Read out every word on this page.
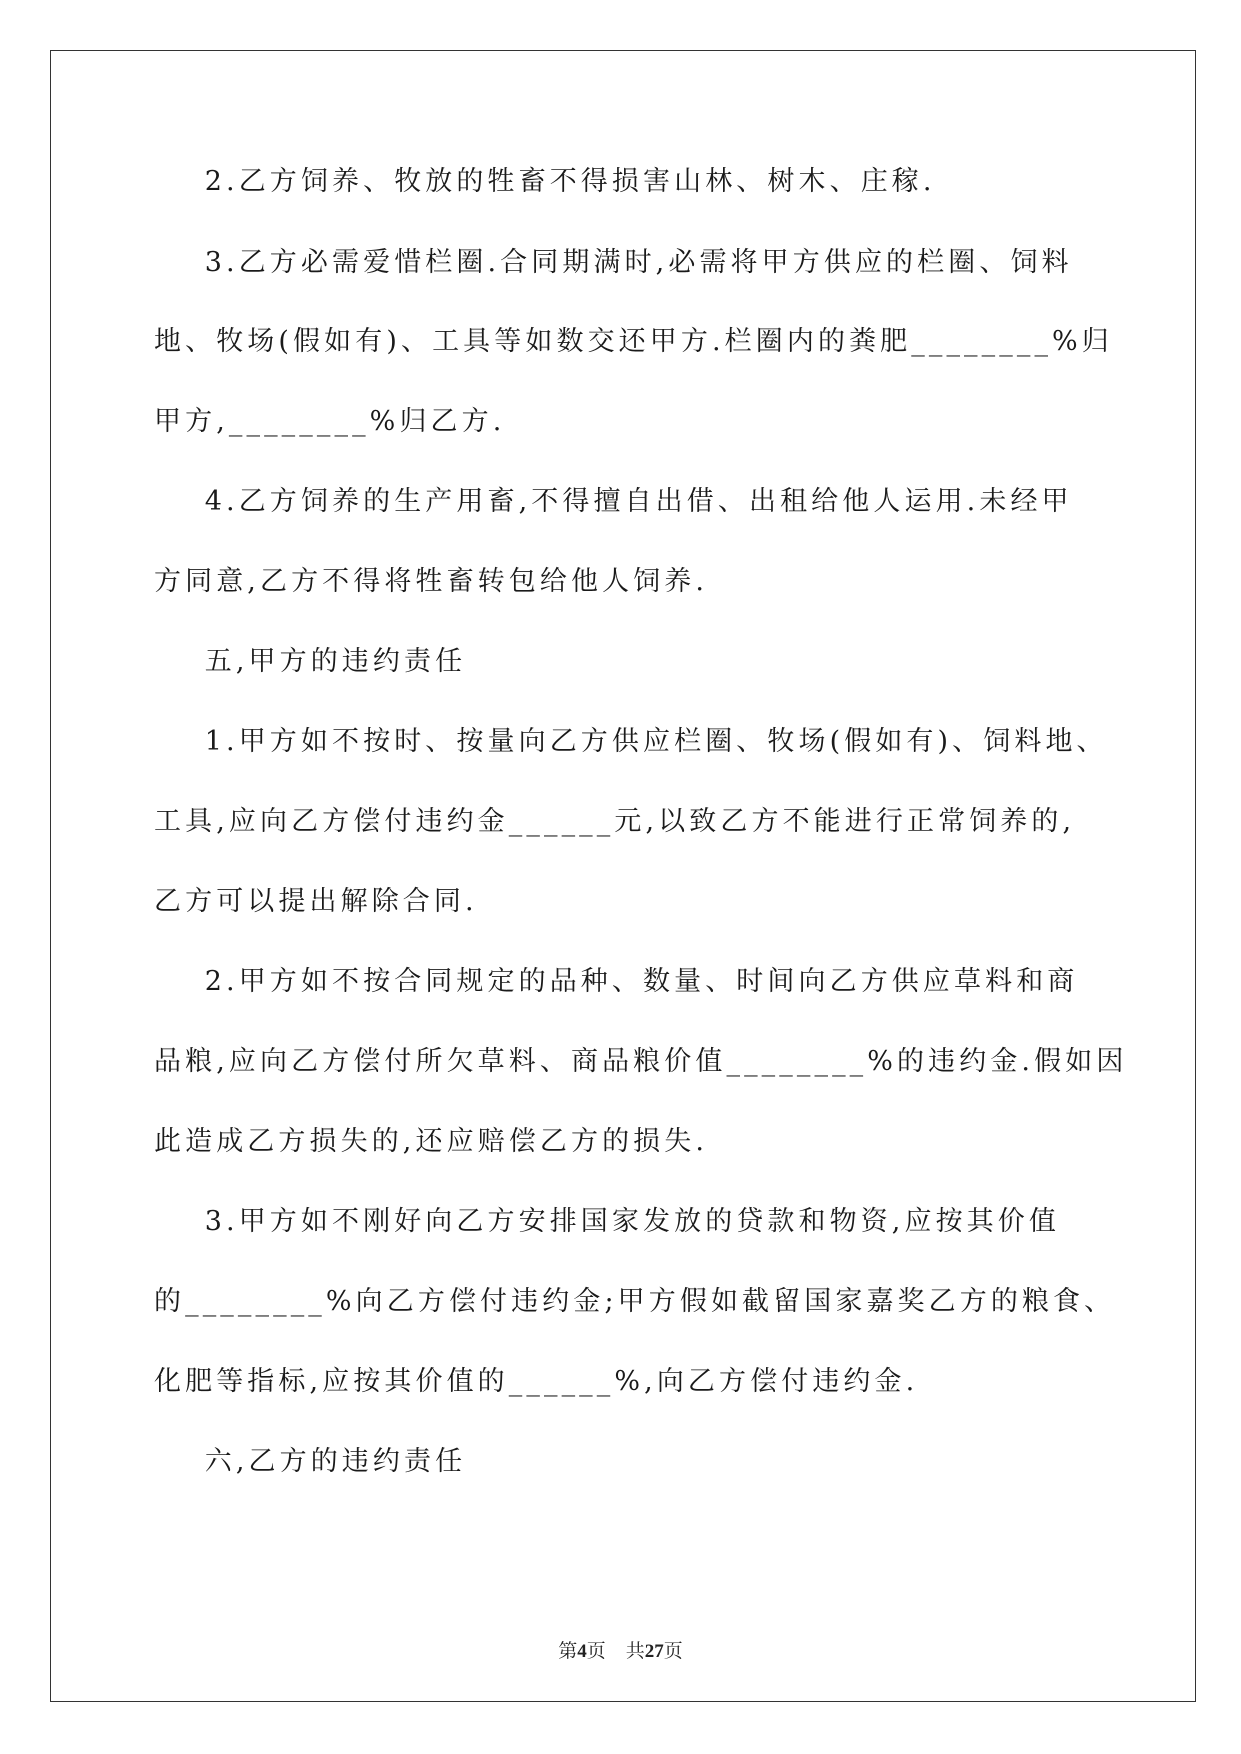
2.乙方饲养、牧放的牲畜不得损害山林、树木、庄稼.
3.乙方必需爱惜栏圈.合同期满时,必需将甲方供应的栏圈、饲料
地、牧场(假如有)、工具等如数交还甲方.栏圈内的粪肥________%归
甲方,________%归乙方.
4.乙方饲养的生产用畜,不得擅自出借、出租给他人运用.未经甲
方同意,乙方不得将牲畜转包给他人饲养.
五,甲方的违约责任
1.甲方如不按时、按量向乙方供应栏圈、牧场(假如有)、饲料地、
工具,应向乙方偿付违约金______元,以致乙方不能进行正常饲养的,
乙方可以提出解除合同.
2.甲方如不按合同规定的品种、数量、时间向乙方供应草料和商
品粮,应向乙方偿付所欠草料、商品粮价值________%的违约金.假如因
此造成乙方损失的,还应赔偿乙方的损失.
3.甲方如不刚好向乙方安排国家发放的贷款和物资,应按其价值
的________%向乙方偿付违约金;甲方假如截留国家嘉奖乙方的粮食、
化肥等指标,应按其价值的______%,向乙方偿付违约金.
六,乙方的违约责任
第4页 共27页
